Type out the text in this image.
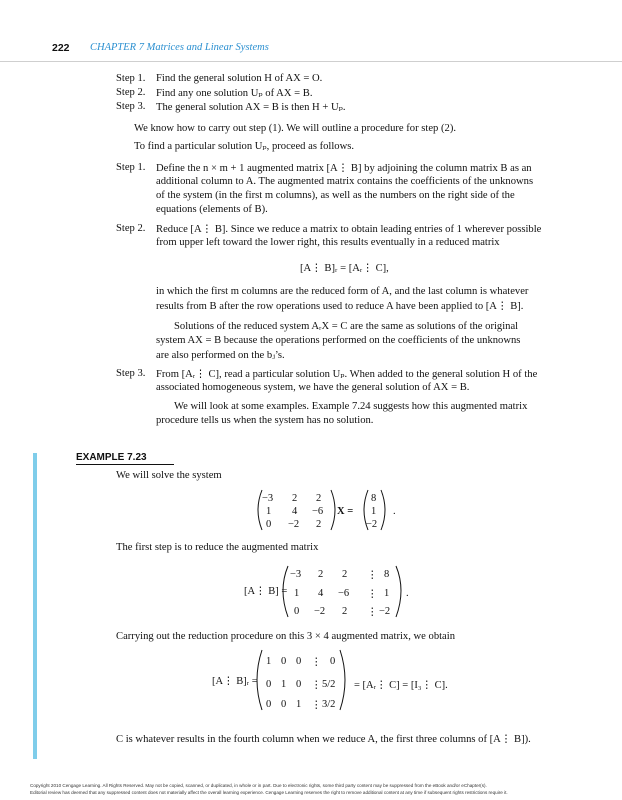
222 CHAPTER 7 Matrices and Linear Systems
Step 1. Find the general solution H of AX = O.
Step 2. Find any one solution Uₚ of AX = B.
Step 3. The general solution AX = B is then H + Uₚ.
We know how to carry out step (1). We will outline a procedure for step (2).
To find a particular solution Uₚ, proceed as follows.
Step 1. Define the n × m + 1 augmented matrix [A⋮ B] by adjoining the column matrix B as an
additional column to A. The augmented matrix contains the coefficients of the unknowns
of the system (in the first m columns), as well as the numbers on the right side of the
equations (elements of B).
Step 2. Reduce [A⋮ B]. Since we reduce a matrix to obtain leading entries of 1 wherever possible
from upper left toward the lower right, this results eventually in a reduced matrix
[A⋮ B]ᵣ = [Aᵣ⋮ C],
in which the first m columns are the reduced form of A, and the last column is whatever
results from B after the row operations used to reduce A have been applied to [A⋮ B].
Solutions of the reduced system AᵣX = C are the same as solutions of the original
system AX = B because the operations performed on the coefficients of the unknowns
are also performed on the bⱼ’s.
Step 3. From [Aᵣ⋮ C], read a particular solution Uₚ. When added to the general solution H of the
associated homogeneous system, we have the general solution of AX = B.
We will look at some examples. Example 7.24 suggests how this augmented matrix
procedure tells us when the system has no solution.
EXAMPLE 7.23
We will solve the system
−3 2 2
1 4 −6
0 −2 2
X =
8
1
−2
.
The first step is to reduce the augmented matrix
[A⋮ B] =
−3 2 2 ⋮ 8
1 4 −6 ⋮ 1
0 −2 2 ⋮ −2
.
Carrying out the reduction procedure on this 3 × 4 augmented matrix, we obtain
[A⋮ B]ᵣ =
1 0 0 ⋮ 0
0 1 0 ⋮ 5/2
0 0 1 ⋮ 3/2
= [Aᵣ⋮ C] = [I₃⋮ C].
C is whatever results in the fourth column when we reduce A, the first three columns of [A⋮ B]).
Copyright 2010 Cengage Learning. All Rights Reserved. May not be copied, scanned, or duplicated, in whole or in part. Due to electronic rights, some third party content may be suppressed from the eBook and/or eChapter(s).
Editorial review has deemed that any suppressed content does not materially affect the overall learning experience. Cengage Learning reserves the right to remove additional content at any time if subsequent rights restrictions require it.
